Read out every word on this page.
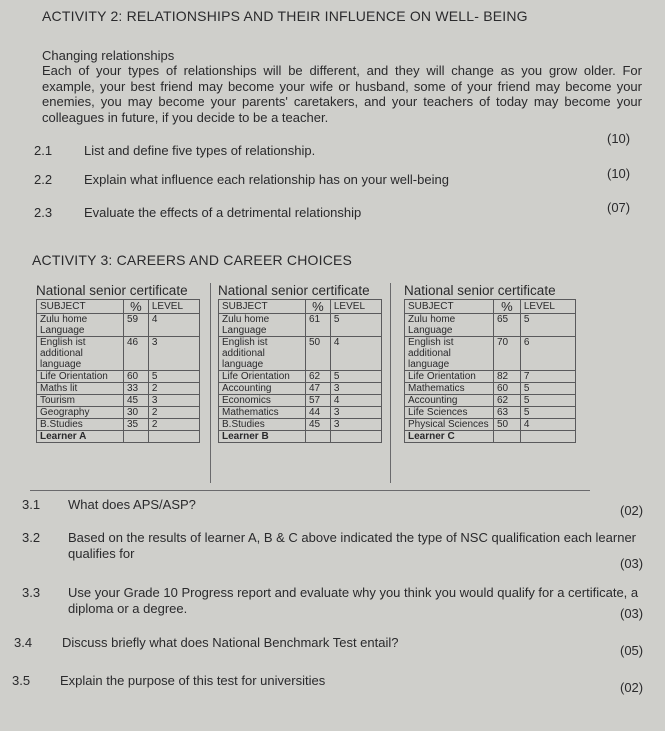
ACTIVITY 2: RELATIONSHIPS AND THEIR INFLUENCE ON WELL- BEING
Changing relationships
Each of your types of relationships will be different, and they will change as you grow older. For example, your best friend may become your wife or husband, some of your friend may become your enemies, you may become your parents' caretakers, and your teachers of today may become your colleagues in future, if you decide to be a teacher.
2.1 List and define five types of relationship.
(10)
2.2 Explain what influence each relationship has on your well-being	(10)
2.3 Evaluate the effects of a detrimental relationship	(07)
ACTIVITY 3: CAREERS AND CAREER CHOICES
National senior certificate
SUBJECT	%	LEVEL
Zulu home Language	59	4
English ist additional language	46	3
Life Orientation	60	5
Maths lit	33	2
Tourism	45	3
Geography	30	2
B.Studies	35	2
Learner A		
National senior certificate
SUBJECT	%	LEVEL
Zulu home Language	61	5
English ist additional language	50	4
Life Orientation	62	5
Accounting	47	3
Economics	57	4
Mathematics	44	3
B.Studies	45	3
Learner B		
National senior certificate
SUBJECT	%	LEVEL
Zulu home Language	65	5
English ist additional language	70	6
Life Orientation	82	7
Mathematics	60	5
Accounting	62	5
Life Sciences	63	5
Physical Sciences	50	4
Learner C		
3.1 What does APS/ASP?	(02)
3.2 Based on the results of learner A, B & C above indicated the type of NSC qualification each learner qualifies for
(03)
3.3 Use your Grade 10 Progress report and evaluate why you think you would qualify for a certificate, a diploma or a degree.	(03)
3.4 Discuss briefly what does National Benchmark Test entail?
(05)
3.5 Explain the purpose of this test for universities	(02)
